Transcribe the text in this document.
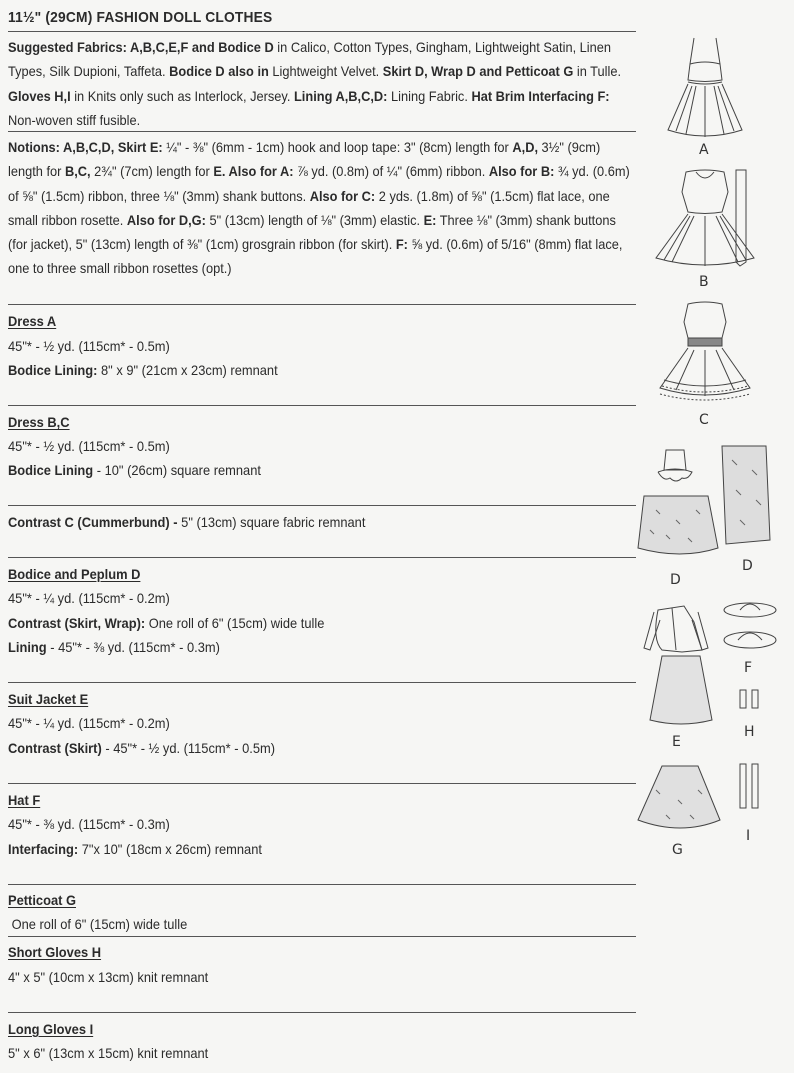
11½" (29CM) FASHION DOLL CLOTHES
Suggested Fabrics: A,B,C,E,F and Bodice D in Calico, Cotton Types, Gingham, Lightweight Satin, Linen Types, Silk Dupioni, Taffeta. Bodice D also in Lightweight Velvet. Skirt D, Wrap D and Petticoat G in Tulle. Gloves H,I in Knits only such as Interlock, Jersey. Lining A,B,C,D: Lining Fabric. Hat Brim Interfacing F: Non-woven stiff fusible.
Notions: A,B,C,D, Skirt E: ¼" - ⅜" (6mm - 1cm) hook and loop tape: 3" (8cm) length for A,D, 3½" (9cm) length for B,C, 2¾" (7cm) length for E. Also for A: ⅞ yd. (0.8m) of ¼" (6mm) ribbon. Also for B: ¾ yd. (0.6m) of ⅝" (1.5cm) ribbon, three ⅛" (3mm) shank buttons. Also for C: 2 yds. (1.8m) of ⅝" (1.5cm) flat lace, one small ribbon rosette. Also for D,G: 5" (13cm) length of ⅛" (3mm) elastic. E: Three ⅛" (3mm) shank buttons (for jacket), 5" (13cm) length of ⅜" (1cm) grosgrain ribbon (for skirt). F: ⅝ yd. (0.6m) of 5/16" (8mm) flat lace, one to three small ribbon rosettes (opt.)
Dress A
45"* - ½ yd. (115cm* - 0.5m)
Bodice Lining: 8" x 9" (21cm x 23cm) remnant
Dress B,C
45"* - ½ yd. (115cm* - 0.5m)
Bodice Lining - 10" (26cm) square remnant
Contrast C (Cummerbund) - 5" (13cm) square fabric remnant
Bodice and Peplum D
45"* - ¼ yd. (115cm* - 0.2m)
Contrast (Skirt, Wrap): One roll of 6" (15cm) wide tulle
Lining - 45"* - ⅜ yd. (115cm* - 0.3m)
Suit Jacket E
45"* - ¼ yd. (115cm* - 0.2m)
Contrast (Skirt) - 45"* - ½ yd. (115cm* - 0.5m)
Hat F
45"* - ⅜ yd. (115cm* - 0.3m)
Interfacing: 7"x 10" (18cm x 26cm) remnant
Petticoat G
One roll of 6" (15cm) wide tulle
Short Gloves H
4" x 5" (10cm x 13cm) knit remnant
Long Gloves I
5" x 6" (13cm x 15cm) knit remnant
A
B
C
D
D
E
F
H
G
I
